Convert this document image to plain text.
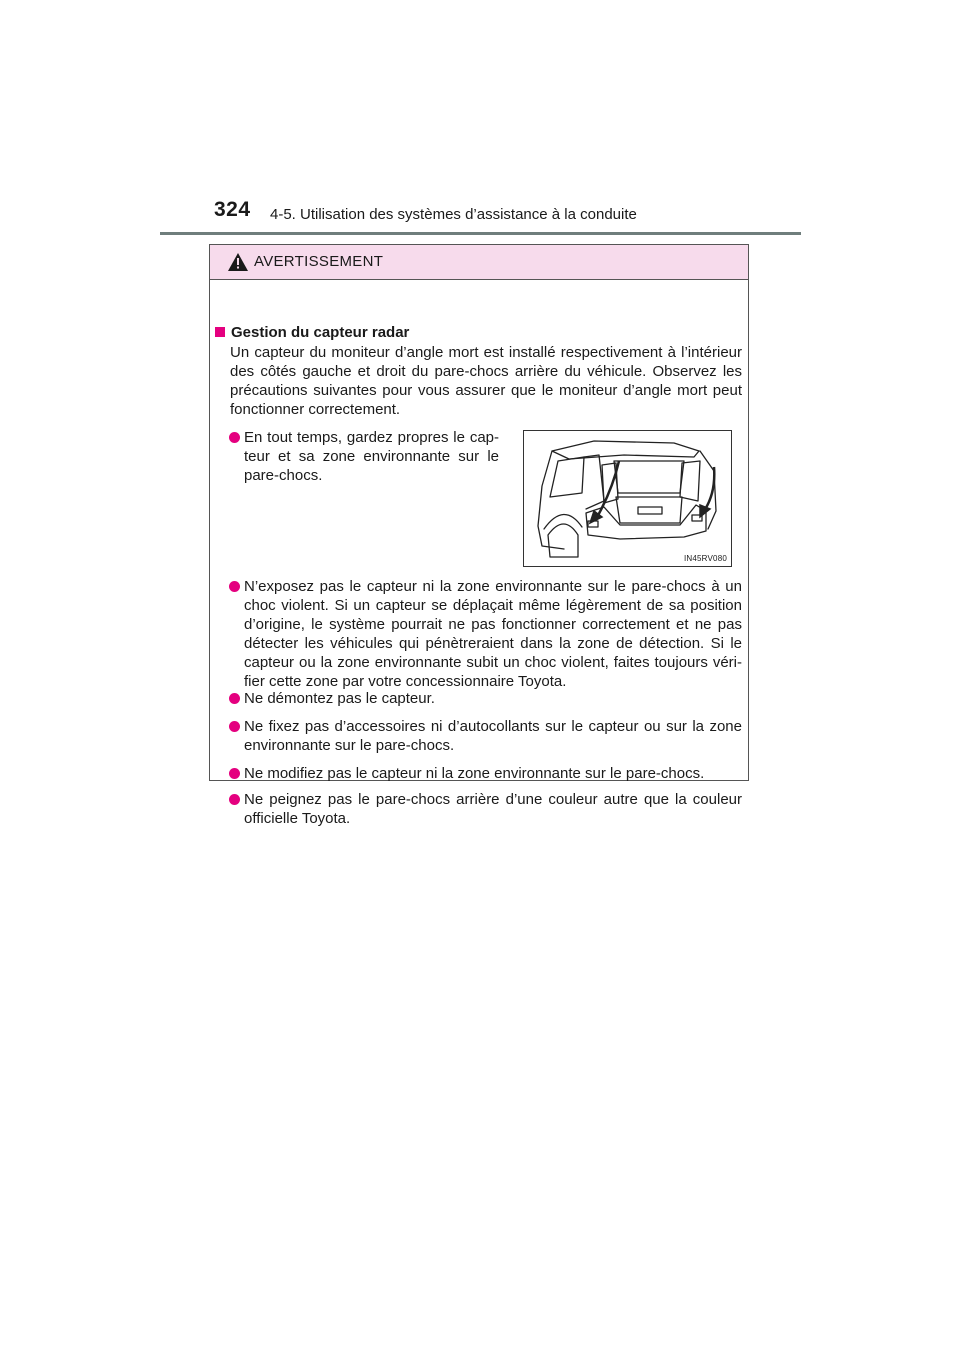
324 4-5. Utilisation des systèmes d’assistance à la conduite
AVERTISSEMENT
Gestion du capteur radar

Un capteur du moniteur d’angle mort est installé respectivement à l’intérieur des côtés gauche et droit du pare-chocs arrière du véhicule. Observez les précautions suivantes pour vous assurer que le moniteur d’angle mort peut fonctionner correctement.

En tout temps, gardez propres le cap-teur et sa zone environnante sur le pare-chocs.
IN45RV080
N’exposez pas le capteur ni la zone environnante sur le pare-chocs à un choc violent. Si un capteur se déplaçait même légèrement de sa position d’origine, le système pourrait ne pas fonctionner correctement et ne pas détecter les véhicules qui pénètreraient dans la zone de détection. Si le capteur ou la zone environnante subit un choc violent, faites toujours véri-fier cette zone par votre concessionnaire Toyota.
Ne démontez pas le capteur.
Ne fixez pas d’accessoires ni d’autocollants sur le capteur ou sur la zone environnante sur le pare-chocs.
Ne modifiez pas le capteur ni la zone environnante sur le pare-chocs.
Ne peignez pas le pare-chocs arrière d’une couleur autre que la couleur officielle Toyota.
